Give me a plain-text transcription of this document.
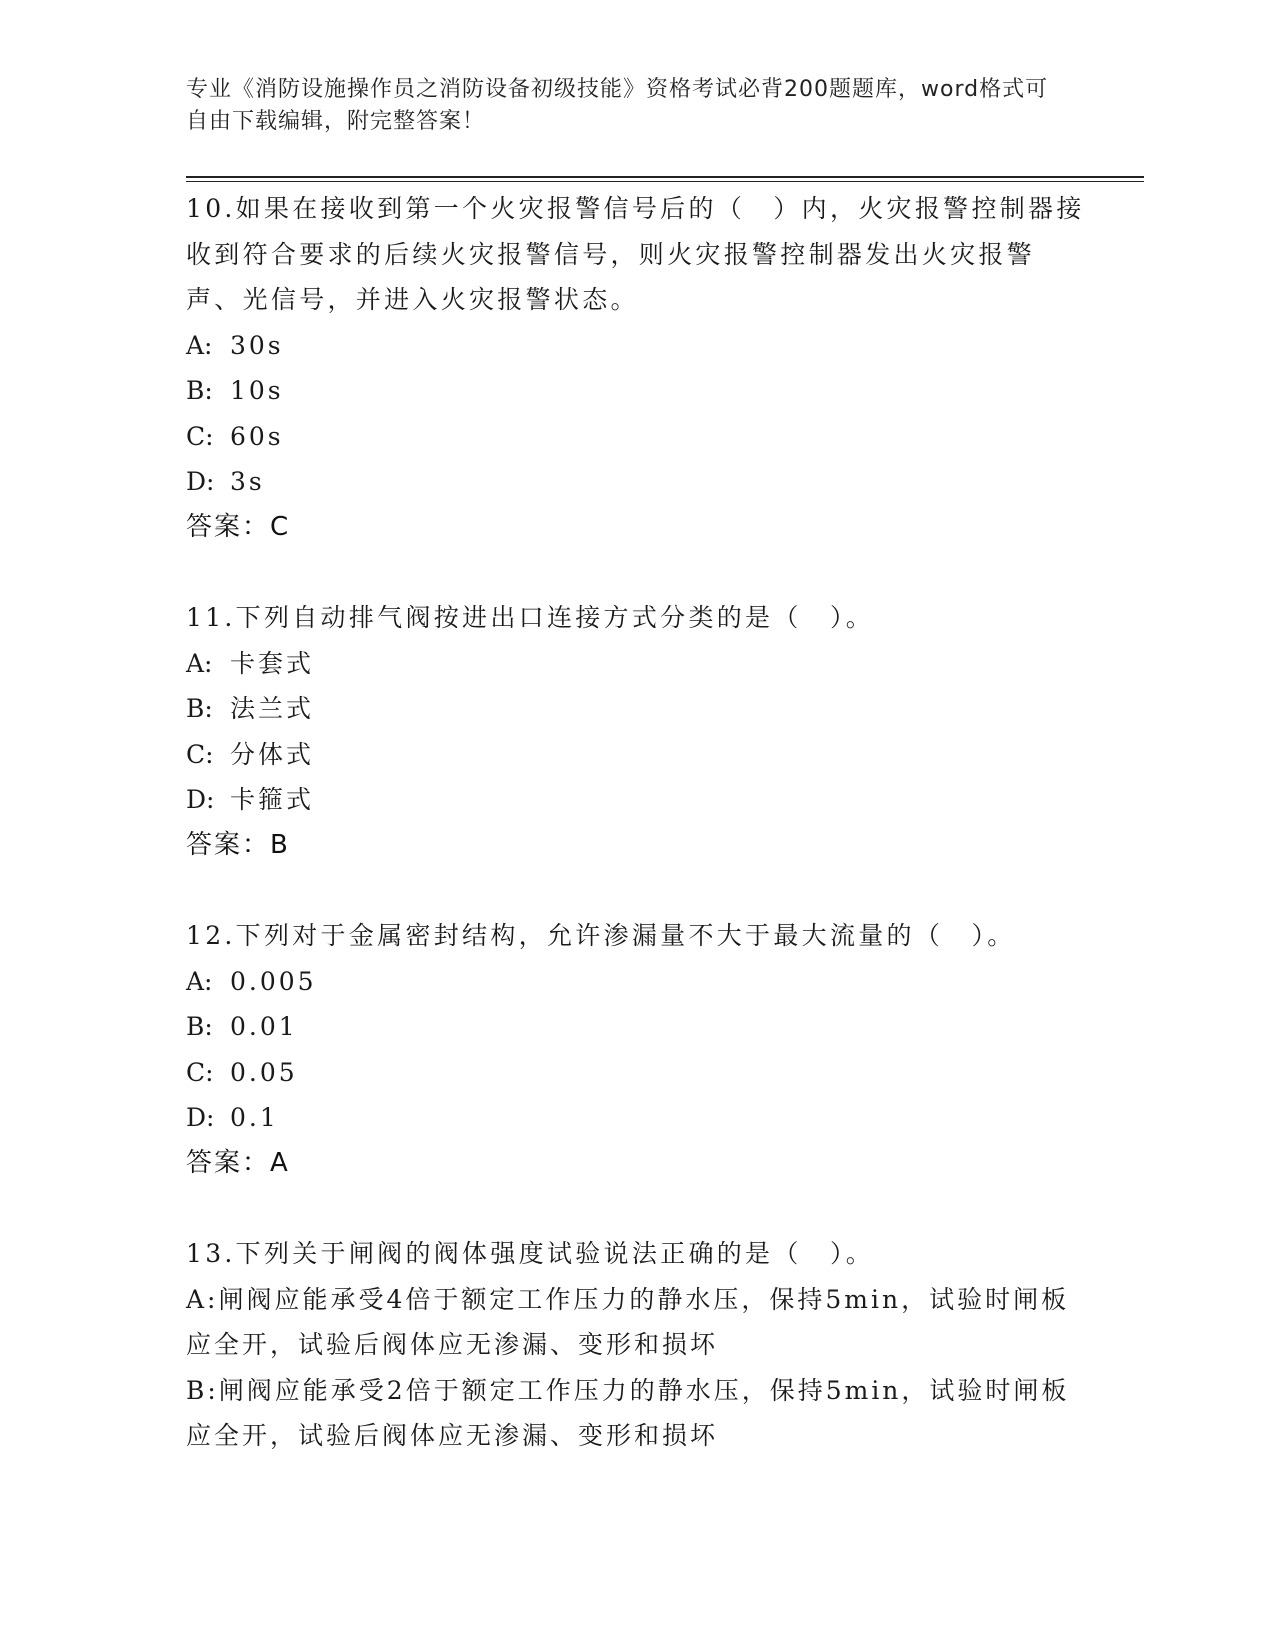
专业《消防设施操作员之消防设备初级技能》资格考试必背200题题库，word格式可自由下载编辑，附完整答案！

10.如果在接收到第一个火灾报警信号后的（　）内，火灾报警控制器接收到符合要求的后续火灾报警信号，则火灾报警控制器发出火灾报警声、光信号，并进入火灾报警状态。

A: 30s

B: 10s

C: 60s

D: 3s

答案：C

11.下列自动排气阀按进出口连接方式分类的是（　）。

A: 卡套式

B: 法兰式

C: 分体式

D: 卡箍式

答案：B

12.下列对于金属密封结构，允许渗漏量不大于最大流量的（　）。

A: 0.005

B: 0.01

C: 0.05

D: 0.1

答案：A

13.下列关于闸阀的阀体强度试验说法正确的是（　）。

A:闸阀应能承受4倍于额定工作压力的静水压，保持5min，试验时闸板应全开，试验后阀体应无渗漏、变形和损坏

B:闸阀应能承受2倍于额定工作压力的静水压，保持5min，试验时闸板应全开，试验后阀体应无渗漏、变形和损坏
